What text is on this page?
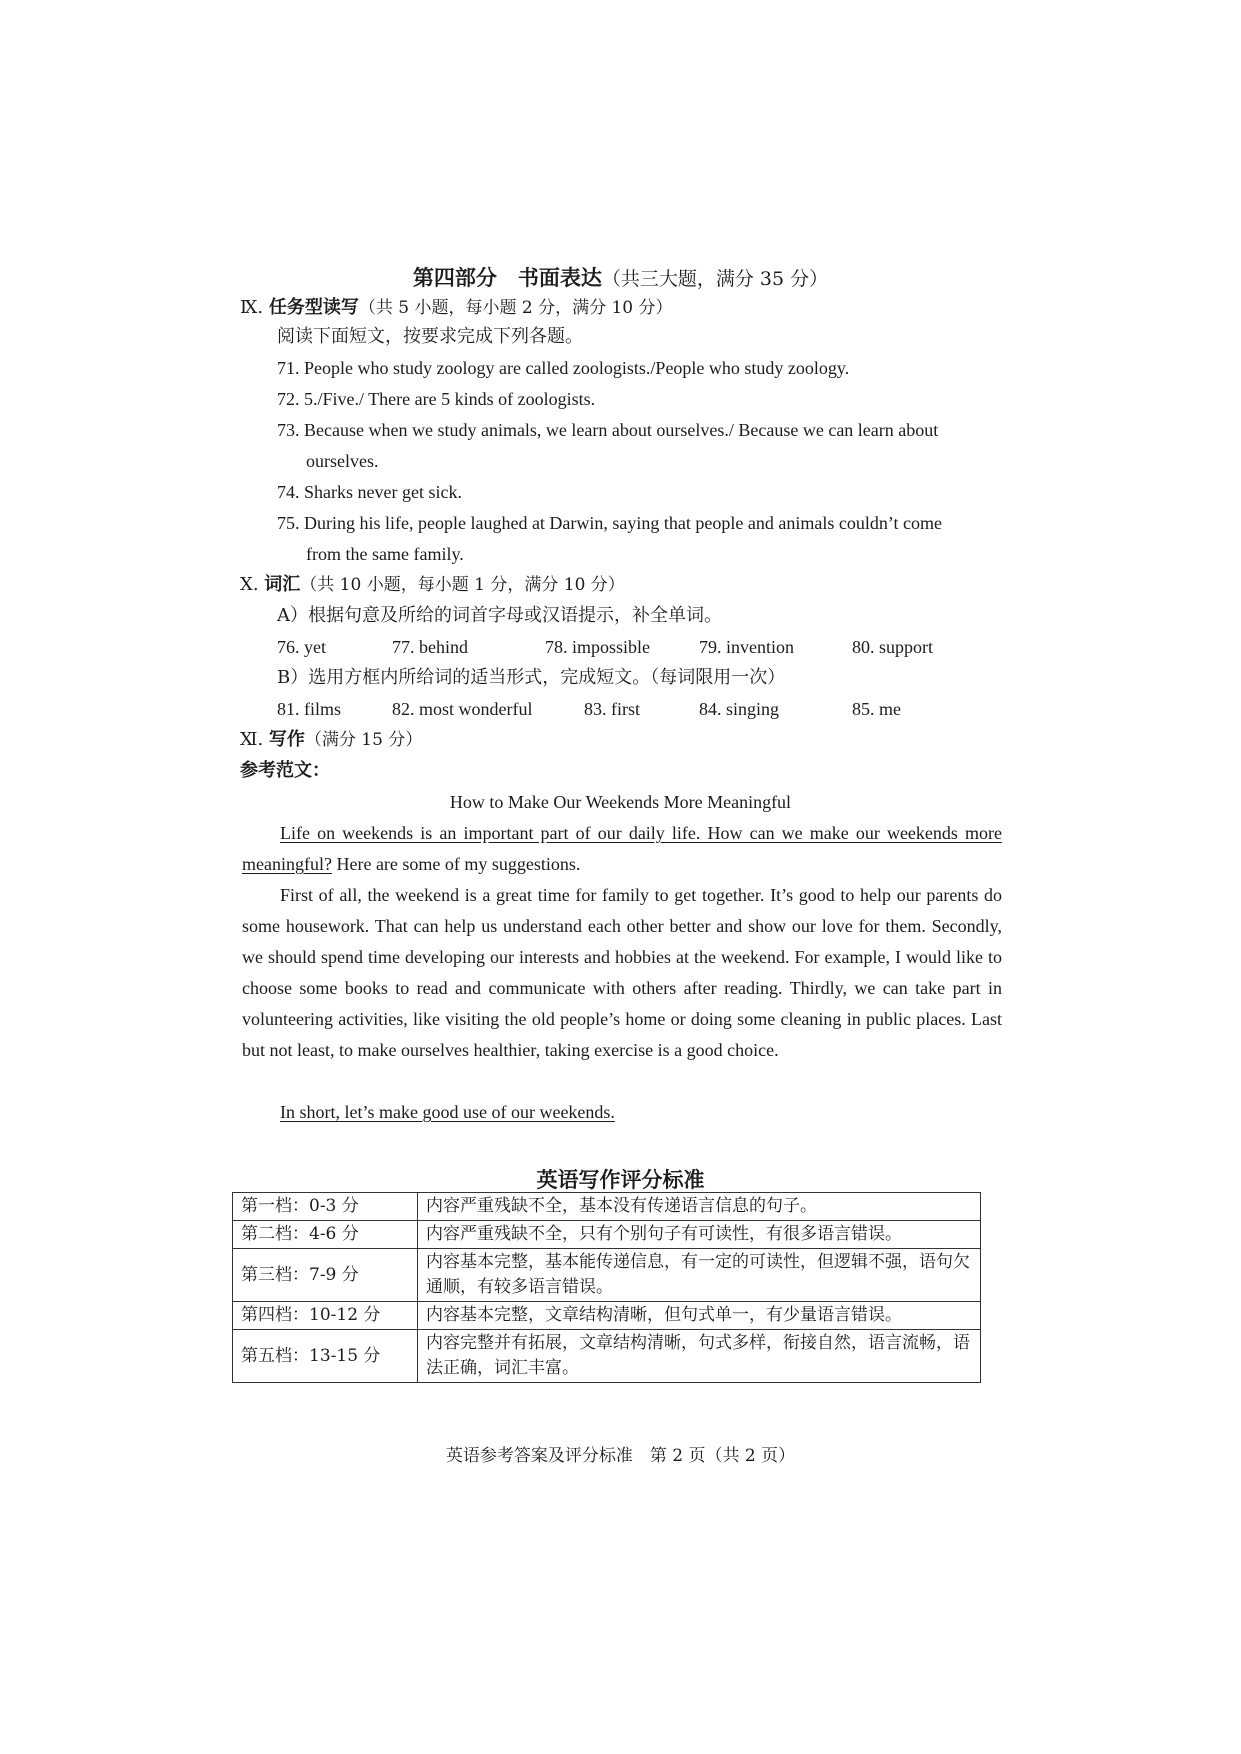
第四部分　书面表达（共三大题，满分 35 分）
Ⅸ. 任务型读写（共 5 小题，每小题 2 分，满分 10 分）
阅读下面短文，按要求完成下列各题。
71. People who study zoology are called zoologists./People who study zoology.
72. 5./Five./ There are 5 kinds of zoologists.
73. Because when we study animals, we learn about ourselves./ Because we can learn about
ourselves.
74. Sharks never get sick.
75. During his life, people laughed at Darwin, saying that people and animals couldn’t come
from the same family.
Ⅹ. 词汇（共 10 小题，每小题 1 分，满分 10 分）
A）根据句意及所给的词首字母或汉语提示，补全单词。
76. yet	77. behind	78. impossible	79. invention	80. support
B）选用方框内所给词的适当形式，完成短文。（每词限用一次）
81. films	82. most wonderful	83. first	84. singing	85. me
Ⅺ. 写作（满分 15 分）
参考范文：
How to Make Our Weekends More Meaningful

Life on weekends is an important part of our daily life. How can we make our weekends more meaningful? Here are some of my suggestions.

First of all, the weekend is a great time for family to get together. It’s good to help our parents do some housework. That can help us understand each other better and show our love for them. Secondly, we should spend time developing our interests and hobbies at the weekend. For example, I would like to choose some books to read and communicate with others after reading. Thirdly, we can take part in volunteering activities, like visiting the old people’s home or doing some cleaning in public places. Last but not least, to make ourselves healthier, taking exercise is a good choice.

In short, let’s make good use of our weekends.

英语写作评分标准
第一档：0-3 分	内容严重残缺不全，基本没有传递语言信息的句子。
第二档：4-6 分	内容严重残缺不全，只有个别句子有可读性，有很多语言错误。
第三档：7-9 分	内容基本完整，基本能传递信息，有一定的可读性，但逻辑不强，语句欠通顺，有较多语言错误。
第四档：10-12 分	内容基本完整，文章结构清晰，但句式单一，有少量语言错误。
第五档：13-15 分	内容完整并有拓展，文章结构清晰，句式多样，衔接自然，语言流畅，语法正确，词汇丰富。
英语参考答案及评分标准　第 2 页（共 2 页）
